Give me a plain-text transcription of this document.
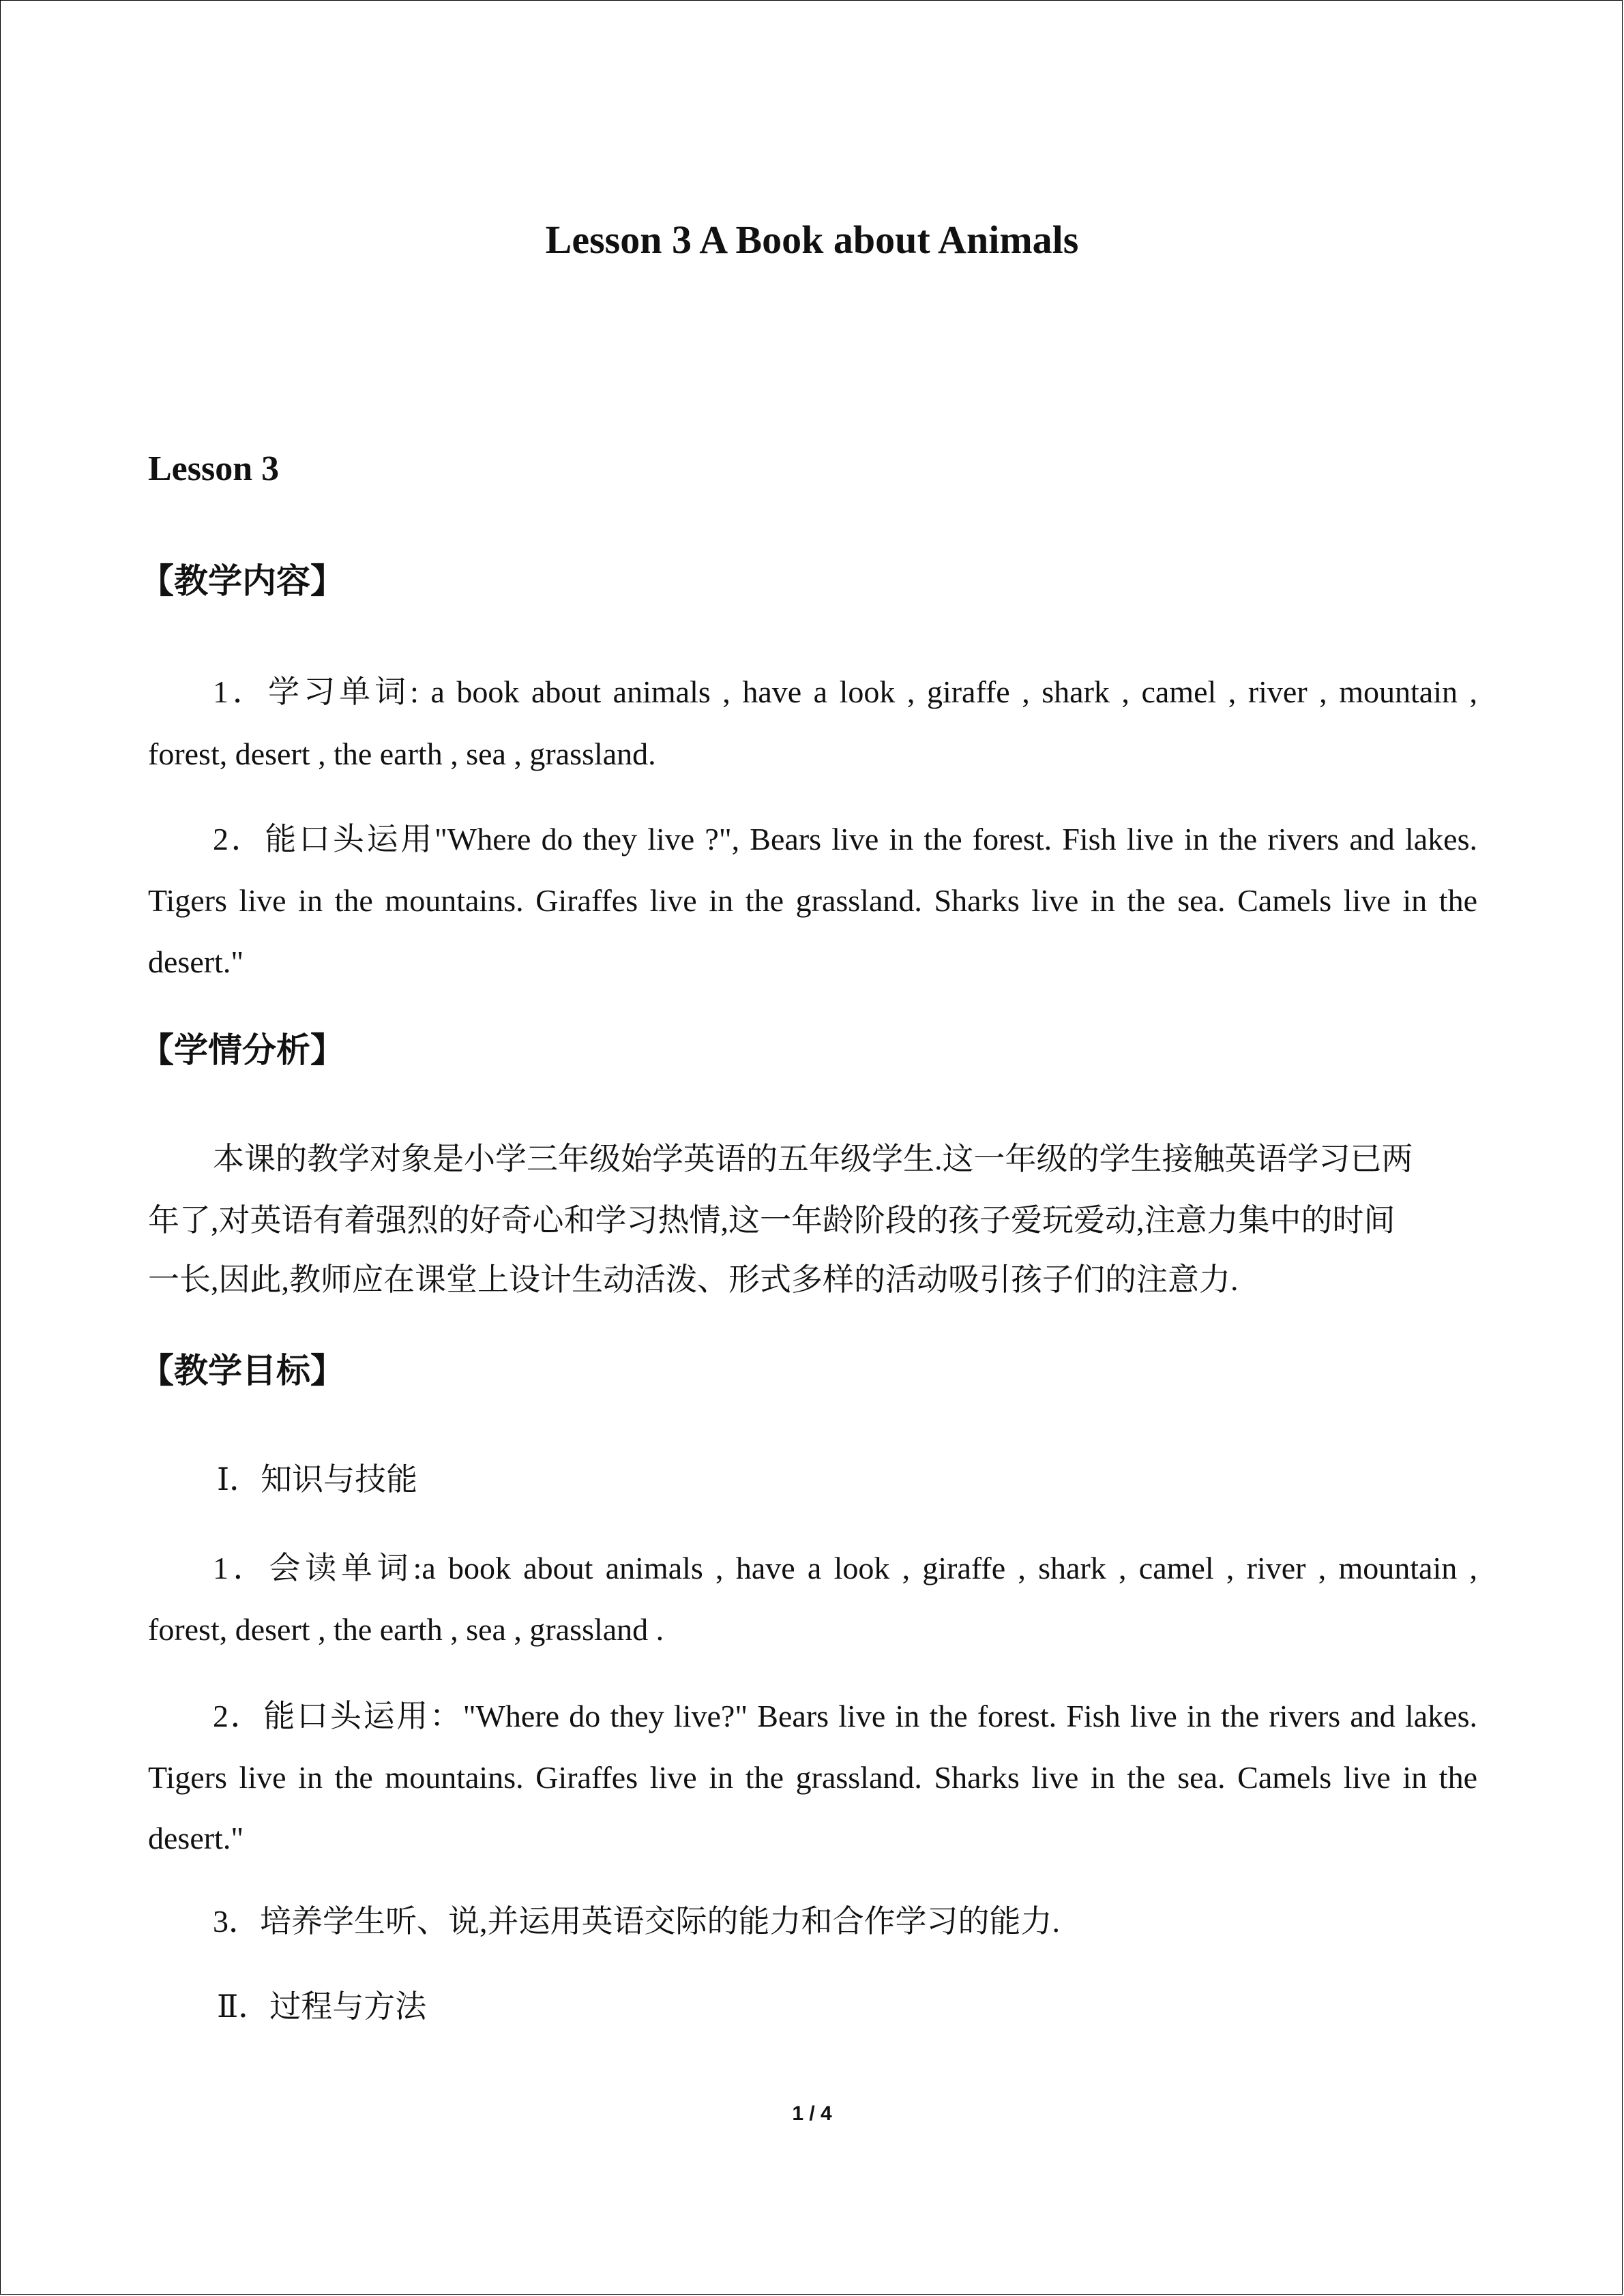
Lesson 3 A Book about Animals
Lesson 3
【教学内容】
1．学习单词: a book about animals , have a look , giraffe , shark , camel , river , mountain ,
forest, desert , the earth , sea , grassland.
2．能口头运用"Where do they live ?", Bears live in the forest. Fish live in the rivers and lakes.
Tigers live in the mountains. Giraffes live in the grassland. Sharks live in the sea. Camels live in the
desert."
【学情分析】
本课的教学对象是小学三年级始学英语的五年级学生.这一年级的学生接触英语学习已两
年了,对英语有着强烈的好奇心和学习热情,这一年龄阶段的孩子爱玩爱动,注意力集中的时间
一长,因此,教师应在课堂上设计生动活泼、形式多样的活动吸引孩子们的注意力.
【教学目标】
Ⅰ．知识与技能
1．会读单词:a book about animals , have a look , giraffe , shark , camel , river , mountain ,
forest, desert , the earth , sea , grassland .
2．能口头运用："Where do they live?" Bears live in the forest. Fish live in the rivers and lakes.
Tigers live in the mountains. Giraffes live in the grassland. Sharks live in the sea. Camels live in the
desert."
3．培养学生听、说,并运用英语交际的能力和合作学习的能力.
Ⅱ．过程与方法
1 / 4
